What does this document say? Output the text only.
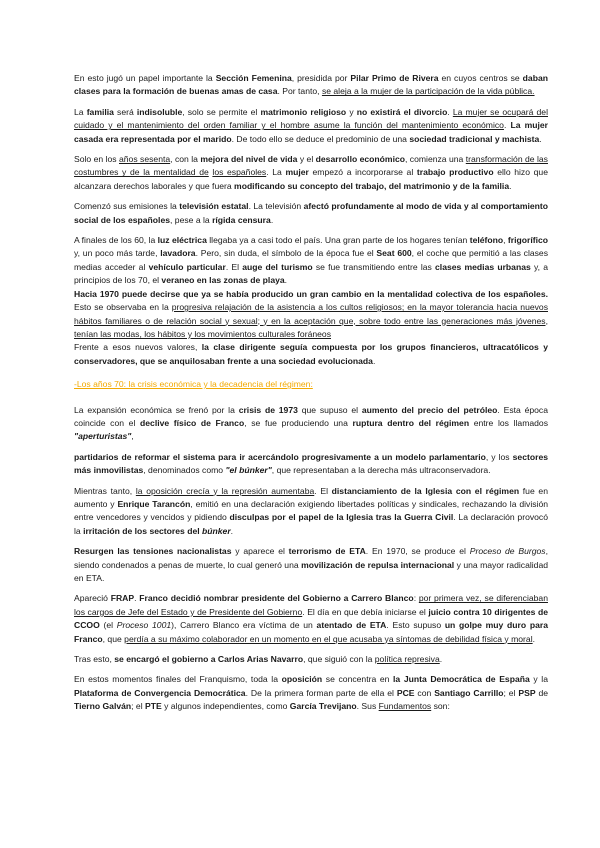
En esto jugó un papel importante la Sección Femenina, presidida por Pilar Primo de Rivera en cuyos centros se daban clases para la formación de buenas amas de casa. Por tanto, se aleja a la mujer de la participación de la vida pública.

La familia será indisoluble, solo se permite el matrimonio religioso y no existirá el divorcio. La mujer se ocupará del cuidado y el mantenimiento del orden familiar y el hombre asume la función del mantenimiento económico. La mujer casada era representada por el marido. De todo ello se deduce el predominio de una sociedad tradicional y machista.

Solo en los años sesenta, con la mejora del nivel de vida y el desarrollo económico, comienza una transformación de las costumbres y de la mentalidad de los españoles. La mujer empezó a incorporarse al trabajo productivo ello hizo que alcanzara derechos laborales y que fuera modificando su concepto del trabajo, del matrimonio y de la familia.

Comenzó sus emisiones la televisión estatal. La televisión afectó profundamente al modo de vida y al comportamiento social de los españoles, pese a la rígida censura.

A finales de los 60, la luz eléctrica llegaba ya a casi todo el país. Una gran parte de los hogares tenían teléfono, frigorífico y, un poco más tarde, lavadora. Pero, sin duda, el símbolo de la época fue el Seat 600, el coche que permitió a las clases medias acceder al vehículo particular. El auge del turismo se fue transmitiendo entre las clases medias urbanas y, a principios de los 70, el veraneo en las zonas de playa.

Hacia 1970 puede decirse que ya se había producido un gran cambio en la mentalidad colectiva de los españoles. Esto se observaba en la progresiva relajación de la asistencia a los cultos religiosos; en la mayor tolerancia hacia nuevos hábitos familiares o de relación social y sexual; y en la aceptación que, sobre todo entre las generaciones más jóvenes, tenían las modas, los hábitos y los movimientos culturales foráneos

Frente a esos nuevos valores, la clase dirigente seguía compuesta por los grupos financieros, ultracatólicos y conservadores, que se anquilosaban frente a una sociedad evolucionada.

-Los años 70: la crisis económica y la decadencia del régimen:

La expansión económica se frenó por la crisis de 1973 que supuso el aumento del precio del petróleo. Esta época coincide con el declive físico de Franco, se fue produciendo una ruptura dentro del régimen entre los llamados "aperturistas",

partidarios de reformar el sistema para ir acercándolo progresivamente a un modelo parlamentario, y los sectores más inmovilistas, denominados como "el búnker", que representaban a la derecha más ultraconservadora.

Mientras tanto, la oposición crecía y la represión aumentaba. El distanciamiento de la Iglesia con el régimen fue en aumento y Enrique Tarancón, emitió en una declaración exigiendo libertades políticas y sindicales, rechazando la división entre vencedores y vencidos y pidiendo disculpas por el papel de la Iglesia tras la Guerra Civil. La declaración provocó la irritación de los sectores del búnker.

Resurgen las tensiones nacionalistas y aparece el terrorismo de ETA. En 1970, se produce el Proceso de Burgos, siendo condenados a penas de muerte, lo cual generó una movilización de repulsa internacional y una mayor radicalidad en ETA.

Apareció FRAP. Franco decidió nombrar presidente del Gobierno a Carrero Blanco: por primera vez, se diferenciaban los cargos de Jefe del Estado y de Presidente del Gobierno. El día en que debía iniciarse el juicio contra 10 dirigentes de CCOO (el Proceso 1001), Carrero Blanco era víctima de un atentado de ETA. Esto supuso un golpe muy duro para Franco, que perdía a su máximo colaborador en un momento en el que acusaba ya síntomas de debilidad física y moral.

Tras esto, se encargó el gobierno a Carlos Arias Navarro, que siguió con la política represiva.

En estos momentos finales del Franquismo, toda la oposición se concentra en la Junta Democrática de España y la Plataforma de Convergencia Democrática. De la primera forman parte de ella el PCE con Santiago Carrillo; el PSP de Tierno Galván; el PTE y algunos independientes, como García Trevijano. Sus Fundamentos son:
